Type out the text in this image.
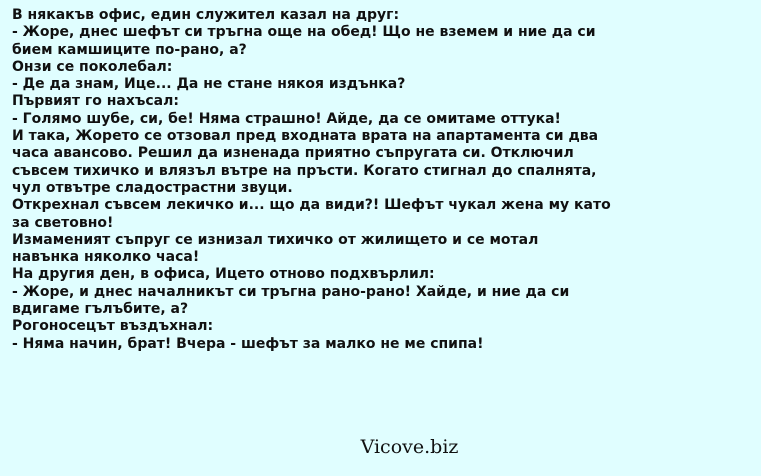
В някакъв офис, един служител казал на друг:
- Жоре, днес шефът си тръгна още на обед! Що не вземем и ние да си
бием камшиците по-рано, а?
Онзи се поколебал:
- Де да знам, Ице... Да не стане някоя издънка?
Първият го нахъсал:
- Голямо шубе, си, бе! Няма страшно! Айде, да се омитаме оттука!
И така, Жорето се отзовал пред входната врата на апартамента си два
часа авансово. Решил да изненада приятно съпругата си. Отключил
съвсем тихичко и влязъл вътре на пръсти. Когато стигнал до спалнята,
чул отвътре сладострастни звуци.
Открехнал съвсем лекичко и... що да види?! Шефът чукал жена му като
за световно!
Измаменият съпруг се изнизал тихичко от жилището и се мотал
навънка няколко часа!
На другия ден, в офиса, Ицето отново подхвърлил:
- Жоре, и днес началникът си тръгна рано-рано! Хайде, и ние да си
вдигаме гълъбите, а?
Рогоносецът въздъхнал:
- Няма начин, брат! Вчера - шефът за малко не ме спипа!
Vicove.biz
